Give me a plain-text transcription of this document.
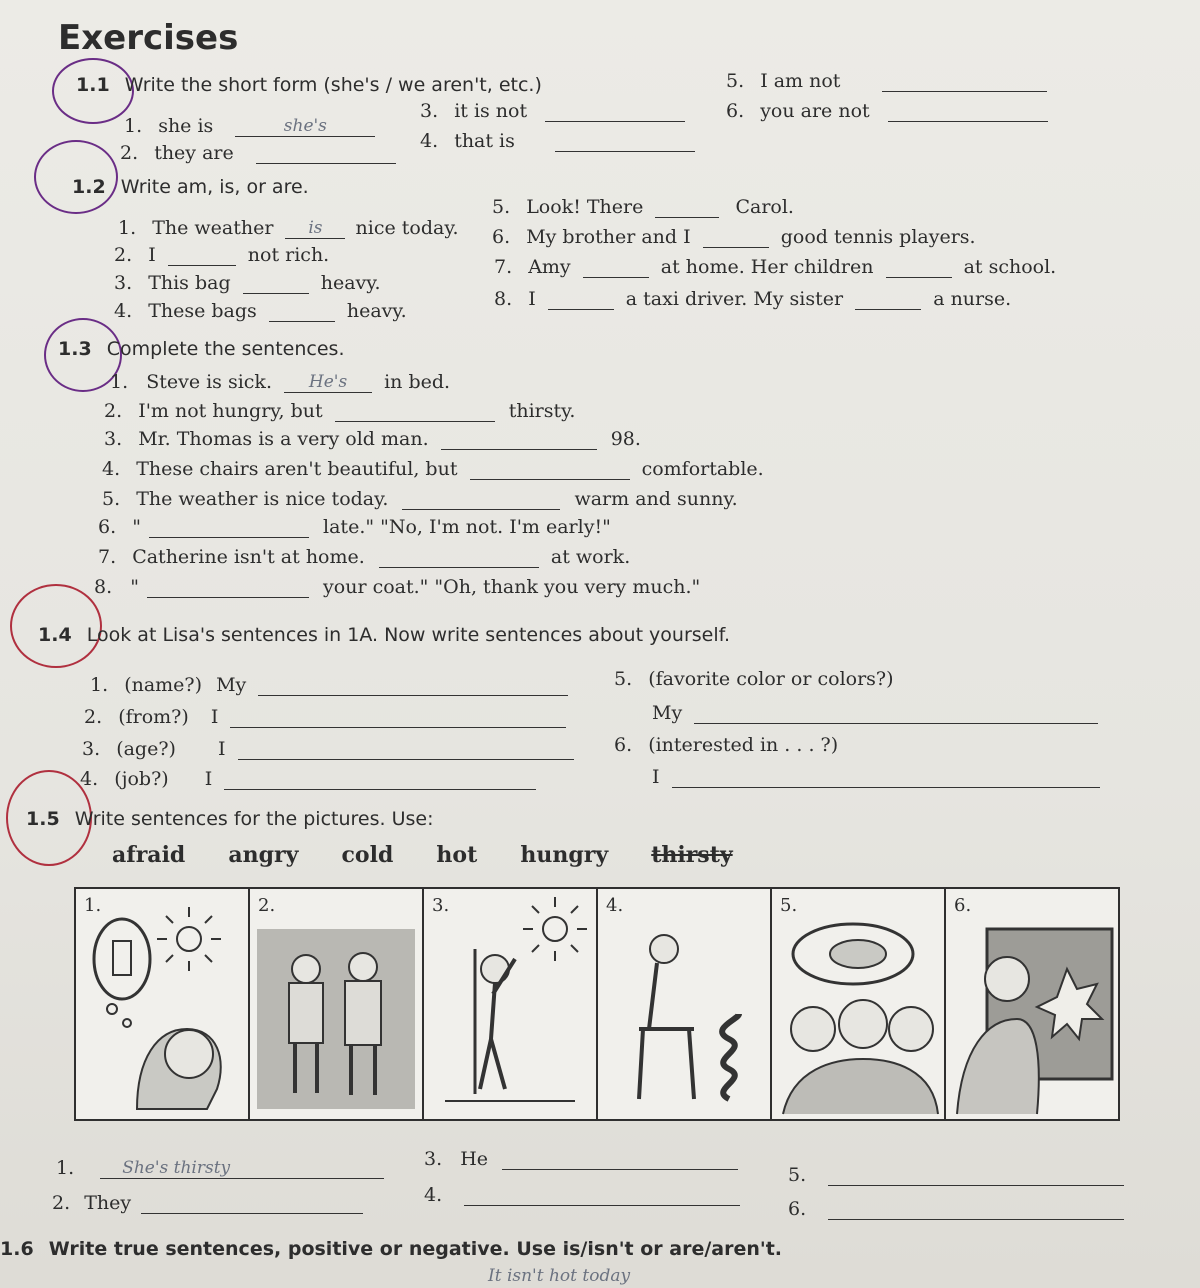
Exercises
1.1 Write the short form (she's / we aren't, etc.)
1. she is	she's
2. they are
3. it is not
4. that is
5. I am not
6. you are not
1.2 Write am, is, or are.
1. The weather is nice today.
2. I	not rich.
3. This bag	heavy.
4. These bags	heavy.
5. Look! There	Carol.
6. My brother and I	good tennis players.
7. Amy	at home. Her children	at school.
8. I	a taxi driver. My sister	a nurse.
1.3 Complete the sentences.
1. Steve is sick. He's in bed.
2. I'm not hungry, but	thirsty.
3. Mr. Thomas is a very old man.	98.
4. These chairs aren't beautiful, but	comfortable.
5. The weather is nice today.	warm and sunny.
6. "	late." "No, I'm not. I'm early!"
7. Catherine isn't at home.	at work.
8. "	your coat." "Oh, thank you very much."
1.4 Look at Lisa's sentences in 1A. Now write sentences about yourself.
1. (name?) My
2. (from?) I
3. (age?) I
4. (job?) I
5. (favorite color or colors?)
My
6. (interested in . . . ?)
I
1.5 Write sentences for the pictures. Use:
afraid angry cold hot hungry thirsty
1.	2.	3.	4.	5.	6.
1.	She's thirsty
2. They
3. He
4.
5.
6.
1.6 Write true sentences, positive or negative. Use is/isn't or are/aren't.
It isn't hot today
